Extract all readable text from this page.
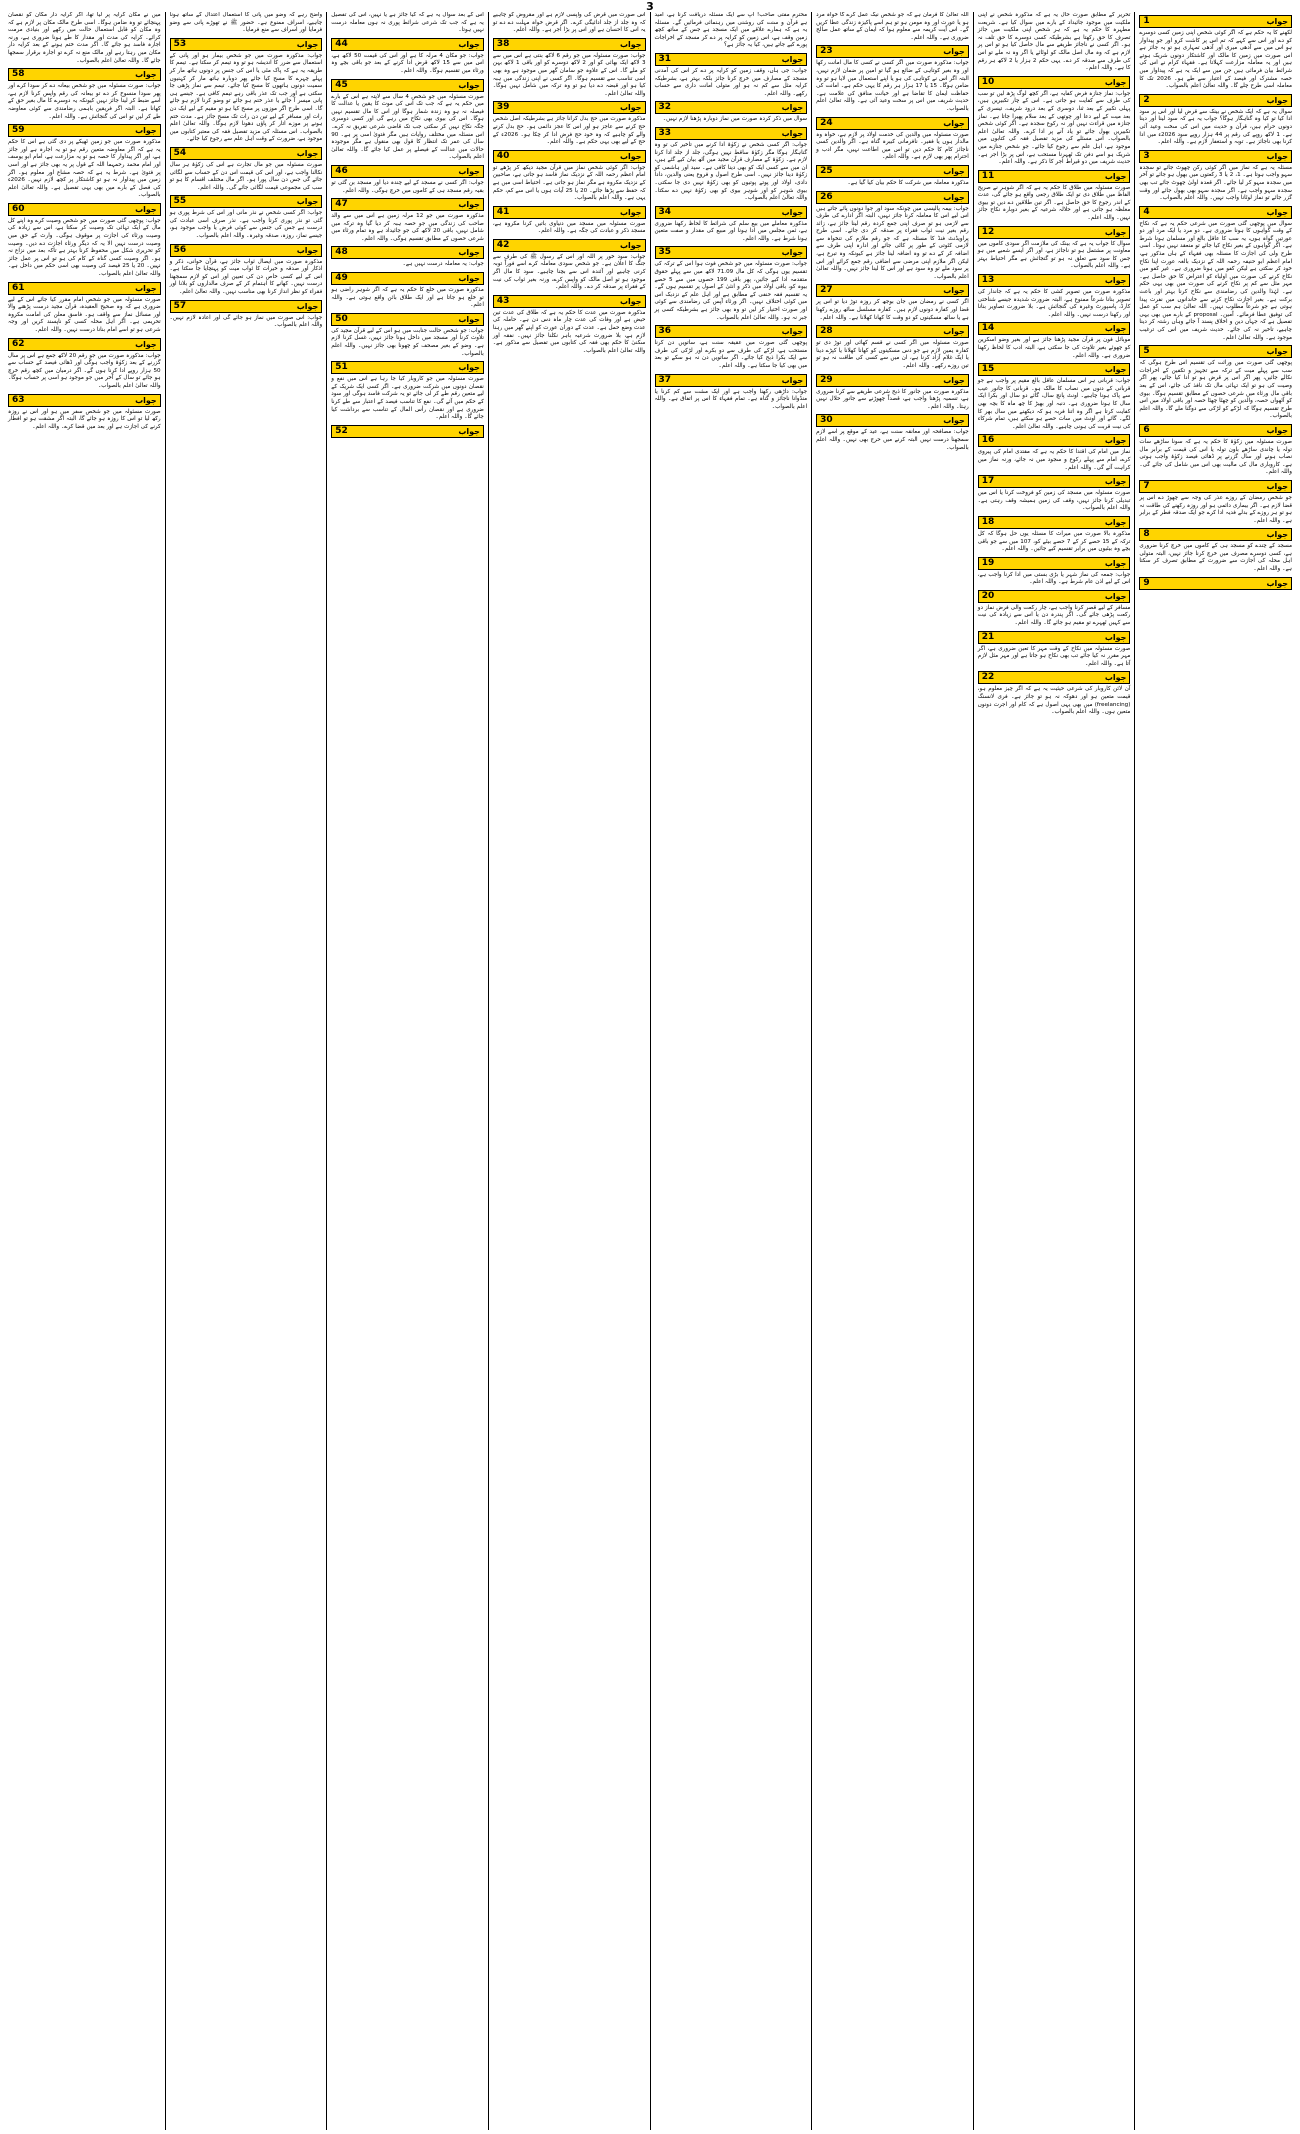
3
1	جواب
لکھنے کا یہ حکم ہے کہ اگر کوئی شخص اپنی زمین کسی دوسرے کو دے اور اس سے کہے کہ تم اس پر کاشت کرو اور جو پیداوار ہو اس میں سے آدھی میری اور آدھی تمہاری ہو تو یہ جائز ہے اس صورت میں زمین کا مالک اور کاشتکار دونوں شریک ہوتے ہیں اور یہ معاملہ مزارعت کہلاتا ہے۔ فقہاء کرام نے اس کی شرائط بیان فرمائی ہیں جن میں سے ایک یہ ہے کہ پیداوار میں حصہ مشترک اور فیصد کے اعتبار سے طے ہو۔ 2026 تک کا معاملہ اسی طرح چلے گا۔ واللہ تعالیٰ اعلم بالصواب۔
2	جواب
سوال یہ ہے کہ ایک شخص نے بینک سے قرض لیا اور اس پر سود ادا کیا تو کیا وہ گناہگار ہوگا؟ جواب یہ ہے کہ سود لینا اور دینا دونوں حرام ہیں، قرآن و حدیث میں اس کی سخت وعید آئی ہے۔ 1 لاکھ روپے کی رقم پر 44 ہزار روپے سود 2026ء میں ادا کرنا بھی ناجائز ہے۔ توبہ و استغفار لازم ہے۔ واللہ اعلم۔
3	جواب
مسئلہ یہ ہے کہ نماز میں اگر کوئی رکن چھوٹ جائے تو سجدہ سہو واجب ہوتا ہے۔ 1، 2 یا 3 رکعتوں میں بھول ہو جائے تو آخر میں سجدہ سہو کر لیا جائے۔ اگر قعدہ اولیٰ چھوٹ جائے تب بھی سجدہ سہو واجب ہے۔ اگر سجدہ سہو بھی بھول جائے اور وقت گزر جائے تو نماز لوٹانا واجب نہیں۔ واللہ اعلم بالصواب۔
4	جواب
سوال میں پوچھی گئی صورت میں شرعی حکم یہ ہے کہ نکاح کے وقت گواہوں کا ہونا ضروری ہے۔ دو مرد یا ایک مرد اور دو عورتیں گواہ ہوں، یہ سب کا عاقل بالغ اور مسلمان ہونا شرط ہے۔ اگر گواہوں کے بغیر نکاح کیا جائے تو منعقد نہیں ہوتا۔ اسی طرح ولی کی اجازت کا مسئلہ بھی فقہاء کے ہاں مذکور ہے، امام اعظم ابو حنیفہ رحمہ اللہ کے نزدیک بالغہ عورت اپنا نکاح خود کر سکتی ہے لیکن کفو میں ہونا ضروری ہے۔ غیر کفو میں نکاح کرنے کی صورت میں اولیاء کو اعتراض کا حق حاصل ہے۔ مہر مثل سے کم پر نکاح کرنے کی صورت میں بھی یہی حکم ہے۔ لہٰذا والدین کی رضامندی سے نکاح کرنا بہتر اور باعث برکت ہے۔ بغیر اجازت نکاح کرنے سے خاندانوں میں نفرت پیدا ہوتی ہے جو شرعاً مطلوب نہیں۔ اللہ تعالیٰ ہم سب کو عمل کی توفیق عطا فرمائے۔ آمین۔ proposal کے بارے میں بھی یہی تفصیل ہے کہ جہاں دین و اخلاق پسند آ جائے وہاں رشتہ کر دینا چاہیے، تاخیر نہ کی جائے۔ حدیث شریف میں اس کی ترغیب موجود ہے۔ واللہ تعالیٰ اعلم۔
5	جواب
پوچھی گئی صورت میں وراثت کی تقسیم اس طرح ہوگی کہ سب سے پہلے میت کے ترکہ سے تجہیز و تکفین کے اخراجات نکالے جائیں، پھر اگر اس پر قرض ہو تو ادا کیا جائے، پھر اگر وصیت کی ہو تو ایک تہائی مال تک نافذ کی جائے، اس کے بعد باقی مال ورثاء میں شرعی حصوں کے مطابق تقسیم ہوگا۔ بیوی کو آٹھواں حصہ، والدین کو چھٹا چھٹا حصہ اور باقی اولاد میں اس طرح تقسیم ہوگا کہ لڑکے کو لڑکی سے دوگنا ملے گا۔ واللہ اعلم بالصواب۔
6	جواب
صورت مسئولہ میں زکوٰۃ کا حکم یہ ہے کہ سونا ساڑھے سات تولہ یا چاندی ساڑھے باون تولہ یا اس کی قیمت کے برابر مال نصاب ہونے اور سال گزرنے پر ڈھائی فیصد زکوٰۃ واجب ہوتی ہے۔ کاروباری مال کی مالیت بھی اس میں شامل کی جائے گی۔ واللہ اعلم۔
7	جواب
جو شخص رمضان کے روزے عذر کی وجہ سے چھوڑ دے اس پر قضا لازم ہے۔ اگر بیماری دائمی ہو اور روزہ رکھنے کی طاقت نہ ہو تو ہر روزے کے بدلے فدیہ ادا کرے جو ایک صدقہ فطر کے برابر ہے۔ واللہ اعلم۔
8	جواب
مسجد کے چندے کو مسجد ہی کے کاموں میں خرچ کرنا ضروری ہے، کسی دوسرے مصرف میں خرچ کرنا جائز نہیں، البتہ متولی اہل محلہ کی اجازت سے ضرورت کے مطابق تصرف کر سکتا ہے۔ واللہ اعلم۔
9	جواب
تحریر کے مطابق صورت حال یہ ہے کہ مذکورہ شخص نے اپنی ملکیت میں موجود جائیداد کے بارے میں سوال کیا ہے۔ شریعت مطہرہ کا حکم یہ ہے کہ ہر شخص اپنی ملکیت میں جائز تصرف کا حق رکھتا ہے بشرطیکہ کسی دوسرے کا حق تلف نہ ہو۔ اگر کسی نے ناجائز طریقے سے مال حاصل کیا ہو تو اس پر لازم ہے کہ وہ مال اصل مالک کو لوٹائے یا اگر وہ نہ ملے تو اس کی طرف سے صدقہ کر دے۔ یہی حکم 2 ہزار یا 2 لاکھ ہر رقم کا ہے۔ واللہ اعلم۔
10	جواب
جواب: نماز جنازہ فرض کفایہ ہے، اگر کچھ لوگ پڑھ لیں تو سب کی طرف سے کفایت ہو جاتی ہے۔ اس کے چار تکبیریں ہیں، پہلی تکبیر کے بعد ثنا، دوسری کے بعد درود شریف، تیسری کے بعد میت کے لیے دعا اور چوتھی کے بعد سلام پھیرا جاتا ہے۔ نماز جنازہ میں قراءت نہیں اور نہ رکوع سجدہ ہے۔ اگر کوئی شخص تکبیریں بھول جائے تو یاد آنے پر ادا کرے۔ واللہ تعالیٰ اعلم بالصواب۔ اس مسئلے کی مزید تفصیل فقہ کی کتابوں میں موجود ہے، اہل علم سے رجوع کیا جائے۔ جو شخص جنازے میں شریک ہو اسے دفن تک ٹھہرنا مستحب ہے، اس پر بڑا اجر ہے۔ حدیث شریف میں دو قیراط اجر کا ذکر ہے۔ واللہ اعلم۔
11	جواب
صورت مسئولہ میں طلاق کا حکم یہ ہے کہ اگر شوہر نے صریح الفاظ میں طلاق دی تو ایک طلاق رجعی واقع ہو جائے گی، عدت کے اندر رجوع کا حق حاصل ہے۔ اگر تین طلاقیں دے دیں تو بیوی مغلظہ ہو جاتی ہے اور حلالہ شرعیہ کے بغیر دوبارہ نکاح جائز نہیں۔ واللہ اعلم۔
12	جواب
سوال کا جواب یہ ہے کہ بینک کی ملازمت اگر سودی کاموں میں معاونت پر مشتمل ہو تو ناجائز ہے، اور اگر ایسے شعبے میں ہو جس کا سود سے تعلق نہ ہو تو گنجائش ہے مگر احتیاط بہتر ہے۔ واللہ اعلم بالصواب۔
13	جواب
مذکورہ صورت میں تصویر کشی کا حکم یہ ہے کہ جاندار کی تصویر بنانا شرعاً ممنوع ہے، البتہ ضرورت شدیدہ جیسے شناختی کارڈ، پاسپورٹ وغیرہ کی گنجائش ہے۔ بلا ضرورت تصاویر بنانا اور رکھنا درست نہیں۔ واللہ اعلم۔
14	جواب
موبائل فون پر قرآن مجید پڑھنا جائز ہے اور بغیر وضو اسکرین کو چھوئے بغیر تلاوت کی جا سکتی ہے، البتہ ادب کا لحاظ رکھنا ضروری ہے۔ واللہ اعلم۔
15	جواب
جواب: قربانی ہر اس مسلمان عاقل بالغ مقیم پر واجب ہے جو قربانی کے دنوں میں نصاب کا مالک ہو۔ قربانی کا جانور عیب سے پاک ہونا چاہیے۔ اونٹ پانچ سال، گائے دو سال اور بکرا ایک سال کا ہونا ضروری ہے۔ دنبہ اور بھیڑ کا چھ ماہ کا بچہ بھی کفایت کرتا ہے اگر وہ اتنا فربہ ہو کہ دیکھنے میں سال بھر کا لگے۔ گائے اور اونٹ میں سات حصے ہو سکتے ہیں، تمام شرکاء کی نیت قربت کی ہونی چاہیے۔ واللہ تعالیٰ اعلم۔
16	جواب
نماز میں امام کی اقتدا کا حکم یہ ہے کہ مقتدی امام کی پیروی کرے، امام سے پہلے رکوع و سجود میں نہ جائے، ورنہ نماز میں کراہت آئے گی۔ واللہ اعلم۔
17	جواب
صورت مسئولہ میں مسجد کی زمین کو فروخت کرنا یا اس میں تبدیلی کرنا جائز نہیں، وقف کی زمین ہمیشہ وقف رہتی ہے۔ واللہ اعلم بالصواب۔
18	جواب
مذکورہ بالا صورت میں میراث کا مسئلہ یوں حل ہوگا کہ کل ترکہ کے 15 حصے کر کے 7 حصے بیٹے کو، 107 میں سے جو باقی بچے وہ بیٹیوں میں برابر تقسیم کیے جائیں۔ واللہ اعلم۔
19	جواب
جواب: جمعہ کی نماز شہر یا بڑی بستی میں ادا کرنا واجب ہے، اس کے لیے اذن عام شرط ہے۔ واللہ اعلم۔
20	جواب
مسافر کے لیے قصر کرنا واجب ہے، چار رکعت والی فرض نماز دو رکعت پڑھی جائے گی۔ اگر پندرہ دن یا اس سے زیادہ کی نیت سے کہیں ٹھہرے تو مقیم ہو جائے گا۔ واللہ اعلم۔
21	جواب
صورت مسئولہ میں نکاح کے وقت مہر کا تعین ضروری ہے، اگر مہر مقرر نہ کیا جائے تب بھی نکاح ہو جاتا ہے اور مہر مثل لازم آتا ہے۔ واللہ اعلم۔
22	جواب
آن لائن کاروبار کی شرعی حیثیت یہ ہے کہ اگر چیز معلوم ہو، قیمت متعین ہو اور دھوکہ نہ ہو تو جائز ہے۔ فری لانسنگ (freelancing) میں بھی یہی اصول ہے کہ کام اور اجرت دونوں متعین ہوں۔ واللہ اعلم بالصواب۔
اللہ تعالیٰ کا فرمان ہے کہ جو شخص نیک عمل کرے گا خواہ مرد ہو یا عورت اور وہ مومن ہو تو ہم اسے پاکیزہ زندگی عطا کریں گے۔ اس آیت کریمہ سے معلوم ہوا کہ ایمان کے ساتھ عمل صالح ضروری ہے۔ واللہ اعلم۔
23	جواب
جواب: مذکورہ صورت میں اگر کسی نے کسی کا مال امانت رکھا اور وہ بغیر کوتاہی کے ضائع ہو گیا تو امین پر ضمان لازم نہیں، البتہ اگر اس نے کوتاہی کی ہو یا اپنے استعمال میں لایا ہو تو وہ ضامن ہوگا۔ 15 یا 17 ہزار ہر رقم کا یہی حکم ہے۔ امانت کی حفاظت ایمان کا تقاضا ہے اور خیانت منافق کی علامت ہے۔ حدیث شریف میں اس پر سخت وعید آئی ہے۔ واللہ تعالیٰ اعلم بالصواب۔
24	جواب
صورت مسئولہ میں والدین کی خدمت اولاد پر لازم ہے، خواہ وہ مالدار ہوں یا فقیر۔ نافرمانی کبیرہ گناہ ہے۔ اگر والدین کسی ناجائز کام کا حکم دیں تو اس میں اطاعت نہیں، مگر ادب و احترام پھر بھی لازم ہے۔ واللہ اعلم۔
25	جواب
مذکورہ معاملہ میں شرکت کا حکم بیان کیا گیا ہے۔
26	جواب
جواب: بیمہ پالیسی میں چونکہ سود اور جوا دونوں پائے جاتے ہیں اس لیے اس کا معاملہ کرنا جائز نہیں، البتہ اگر ادارے کی طرف سے لازمی ہو تو صرف اپنی جمع کردہ رقم لینا جائز ہے، زائد رقم بغیر نیت ثواب فقراء پر صدقہ کر دی جائے۔ اسی طرح پراویڈنٹ فنڈ کا مسئلہ ہے کہ جو رقم ملازم کی تنخواہ سے لازمی کٹوتی کے طور پر کاٹی جائے اور ادارہ اپنی طرف سے اضافہ کر کے دے تو وہ اضافہ لینا جائز ہے کیونکہ وہ تبرع ہے، لیکن اگر ملازم اپنی مرضی سے اضافی رقم جمع کرائے اور اس پر سود ملے تو وہ سود ہے اور اس کا لینا جائز نہیں۔ واللہ تعالیٰ اعلم بالصواب۔
27	جواب
اگر کسی نے رمضان میں جان بوجھ کر روزہ توڑ دیا تو اس پر قضا اور کفارہ دونوں لازم ہیں۔ کفارہ مسلسل ساٹھ روزے رکھنا ہے یا ساٹھ مسکینوں کو دو وقت کا کھانا کھلانا ہے۔ واللہ اعلم۔
28	جواب
صورت مسئولہ میں اگر کسی نے قسم کھائی اور توڑ دی تو کفارہ یمین لازم ہے جو دس مسکینوں کو کھانا کھلانا یا کپڑے دینا یا ایک غلام آزاد کرنا ہے، ان میں سے کسی کی طاقت نہ ہو تو تین روزے رکھے۔ واللہ اعلم۔
29	جواب
مذکورہ صورت میں جانور کا ذبح شرعی طریقے سے کرنا ضروری ہے، تسمیہ پڑھنا واجب ہے، قصداً چھوڑنے سے جانور حلال نہیں رہتا۔ واللہ اعلم۔
30	جواب
جواب: مصافحہ اور معانقہ سنت ہے، عید کے موقع پر اسے لازم سمجھنا درست نہیں البتہ کرنے میں حرج بھی نہیں۔ واللہ اعلم بالصواب۔
محترم مفتی صاحب! آپ سے ایک مسئلہ دریافت کرنا ہے، امید ہے قرآن و سنت کی روشنی میں رہنمائی فرمائیں گے۔ مسئلہ یہ ہے کہ ہمارے علاقے میں ایک مسجد ہے جس کے ساتھ کچھ زمین وقف ہے، اس زمین کو کرایہ پر دے کر مسجد کے اخراجات پورے کیے جاتے ہیں، کیا یہ جائز ہے؟
31	جواب
جواب: جی ہاں، وقف زمین کو کرایہ پر دے کر اس کی آمدنی مسجد کے مصارف میں خرچ کرنا جائز بلکہ بہتر ہے، بشرطیکہ کرایہ مثل سے کم نہ ہو اور متولی امانت داری سے حساب رکھے۔ واللہ اعلم۔
32	جواب
سوال میں ذکر کردہ صورت میں نماز دوبارہ پڑھنا لازم نہیں۔
33	جواب
جواب: اگر کسی شخص نے زکوٰۃ ادا کرنے میں تاخیر کی تو وہ گناہگار ہوگا مگر زکوٰۃ ساقط نہیں ہوگی، جلد از جلد ادا کرنا لازم ہے۔ زکوٰۃ کے مصارف قرآن مجید میں آٹھ بیان کیے گئے ہیں، ان میں سے کسی ایک کو بھی دینا کافی ہے۔ سید اور ہاشمی کو زکوٰۃ دینا جائز نہیں۔ اسی طرح اصول و فروع یعنی والدین، دادا دادی، اولاد اور پوتے پوتیوں کو بھی زکوٰۃ نہیں دی جا سکتی۔ بیوی شوہر کو اور شوہر بیوی کو بھی زکوٰۃ نہیں دے سکتا۔ واللہ تعالیٰ اعلم بالصواب۔
34	جواب
مذکورہ معاملے میں بیع سلم کی شرائط کا لحاظ رکھنا ضروری ہے، ثمن مجلس میں ادا ہونا اور مبیع کی مقدار و صفت متعین ہونا شرط ہے۔ واللہ اعلم۔
35	جواب
جواب: صورت مسئولہ میں جو شخص فوت ہوا اس کے ترکہ کی تقسیم یوں ہوگی کہ کل مال 71.09 لاکھ میں سے پہلے حقوق متقدمہ ادا کیے جائیں، پھر باقی 199 حصوں میں سے 5 حصے بیوہ کو، باقی اولاد میں ذکر و انثیٰ کے اصول پر تقسیم ہوں گے۔ یہ تقسیم فقہ حنفی کے مطابق ہے اور اہل علم کے نزدیک اس میں کوئی اختلاف نہیں۔ اگر ورثاء آپس کی رضامندی سے کوئی اور صورت اختیار کر لیں تو وہ بھی جائز ہے بشرطیکہ کسی پر جبر نہ ہو۔ واللہ تعالیٰ اعلم بالصواب۔
36	جواب
پوچھی گئی صورت میں عقیقہ سنت ہے، ساتویں دن کرنا مستحب ہے، لڑکے کی طرف سے دو بکرے اور لڑکی کی طرف سے ایک بکرا ذبح کیا جائے۔ اگر ساتویں دن نہ ہو سکے تو بعد میں بھی کیا جا سکتا ہے۔ واللہ اعلم۔
37	جواب
جواب: داڑھی رکھنا واجب ہے اور ایک مشت سے کم کرنا یا منڈوانا ناجائز و گناہ ہے۔ تمام فقہاء کا اس پر اتفاق ہے۔ واللہ اعلم بالصواب۔
اس صورت میں قرض کی واپسی لازم ہے اور مقروض کو چاہیے کہ وہ جلد از جلد ادائیگی کرے۔ اگر قرض خواہ مہلت دے دے تو یہ اس کا احسان ہے اور اس پر بڑا اجر ہے۔ واللہ اعلم۔
38	جواب
جواب: صورت مسئولہ میں جو رقم 6 لاکھ بنتی ہے اس میں سے 3 لاکھ ایک بھائی کو اور 2 لاکھ دوسرے کو اور باقی 1 لاکھ بہن کو ملے گا۔ اس کے علاوہ جو سامان گھر میں موجود ہے وہ بھی اسی تناسب سے تقسیم ہوگا۔ اگر کسی نے اپنی زندگی میں ہبہ کیا ہو اور قبضہ دے دیا ہو تو وہ ترکہ میں شامل نہیں ہوگا۔ واللہ تعالیٰ اعلم۔
39	جواب
مذکورہ صورت میں حج بدل کرانا جائز ہے بشرطیکہ اصل شخص حج کرنے سے عاجز ہو اور اس کا عجز دائمی ہو۔ حج بدل کرنے والے کو چاہیے کہ وہ خود حج فرض ادا کر چکا ہو۔ 2026ء کے حج کے لیے بھی یہی حکم ہے۔ واللہ اعلم۔
40	جواب
جواب: اگر کوئی شخص نماز میں قرآن مجید دیکھ کر پڑھے تو امام اعظم رحمہ اللہ کے نزدیک نماز فاسد ہو جاتی ہے، صاحبین کے نزدیک مکروہ ہے مگر نماز ہو جاتی ہے۔ احتیاط اسی میں ہے کہ حفظ سے پڑھا جائے۔ 20 یا 25 آیات ہوں یا اس سے کم، حکم یہی ہے۔ واللہ اعلم بالصواب۔
41	جواب
صورت مسئولہ میں مسجد میں دنیاوی باتیں کرنا مکروہ ہے، مسجد ذکر و عبادت کی جگہ ہے۔ واللہ اعلم۔
42	جواب
جواب: سود خور پر اللہ اور اس کے رسول ﷺ کی طرف سے جنگ کا اعلان ہے۔ جو شخص سودی معاملہ کرے اسے فوراً توبہ کرنی چاہیے اور آئندہ اس سے بچنا چاہیے۔ سود کا مال اگر موجود ہو تو اصل مالک کو واپس کرے، ورنہ بغیر ثواب کی نیت کے فقراء پر صدقہ کر دے۔ واللہ اعلم۔
43	جواب
مذکورہ صورت میں عدت کا حکم یہ ہے کہ طلاق کی عدت تین حیض ہے اور وفات کی عدت چار ماہ دس دن ہے۔ حاملہ کی عدت وضع حمل ہے۔ عدت کے دوران عورت کو اپنے گھر میں رہنا لازم ہے، بلا ضرورت شرعیہ باہر نکلنا جائز نہیں۔ نفقہ اور سکنیٰ کا حکم بھی فقہ کی کتابوں میں تفصیل سے مذکور ہے۔ واللہ تعالیٰ اعلم بالصواب۔
اس کے بعد سوال یہ ہے کہ کیا جائز ہے یا نہیں، اس کی تفصیل یہ ہے کہ جب تک شرعی شرائط پوری نہ ہوں معاملہ درست نہیں ہوتا۔
44	جواب
جواب: جو مکان 4 مرلہ کا ہے اور اس کی قیمت 50 لاکھ ہے، اس میں سے 15 لاکھ قرض ادا کرنے کے بعد جو باقی بچے وہ ورثاء میں تقسیم ہوگا۔ واللہ اعلم۔
45	جواب
صورت مسئولہ میں جو شخص 4 سال سے لاپتہ ہے اس کے بارے میں حکم یہ ہے کہ جب تک اس کی موت کا یقین یا عدالت کا فیصلہ نہ ہو وہ زندہ شمار ہوگا اور اس کا مال تقسیم نہیں ہوگا۔ اس کی بیوی بھی نکاح میں رہے گی اور کسی دوسری جگہ نکاح نہیں کر سکتی جب تک قاضی شرعی تفریق نہ کرے۔ اس مسئلہ میں مختلف روایات ہیں مگر فتویٰ اسی پر ہے۔ 90 سال کی عمر تک انتظار کا قول بھی منقول ہے مگر موجودہ حالات میں عدالت کے فیصلے پر عمل کیا جائے گا۔ واللہ تعالیٰ اعلم بالصواب۔
46	جواب
جواب: اگر کسی نے مسجد کے لیے چندہ دیا اور مسجد بن گئی تو بقیہ رقم مسجد ہی کے کاموں میں خرچ ہوگی۔ واللہ اعلم۔
47	جواب
مذکورہ صورت میں جو 12 مرلہ زمین ہے اس میں سے والد صاحب کی زندگی میں جو حصہ ہبہ کر دیا گیا وہ ترکہ میں شامل نہیں، باقی 20 لاکھ کی جو جائیداد ہے وہ تمام ورثاء میں شرعی حصوں کے مطابق تقسیم ہوگی۔ واللہ اعلم۔
48	جواب
جواب: یہ معاملہ درست نہیں ہے۔
49	جواب
مذکورہ صورت میں خلع کا حکم یہ ہے کہ اگر شوہر راضی ہو تو خلع ہو جاتا ہے اور ایک طلاق بائن واقع ہوتی ہے۔ واللہ اعلم۔
50	جواب
جواب: جو شخص حالت جنابت میں ہو اس کے لیے قرآن مجید کی تلاوت کرنا اور مسجد میں داخل ہونا جائز نہیں، غسل کرنا لازم ہے۔ وضو کے بغیر مصحف کو چھونا بھی جائز نہیں۔ واللہ اعلم بالصواب۔
51	جواب
صورت مسئولہ میں جو کاروبار کیا جا رہا ہے اس میں نفع و نقصان دونوں میں شرکت ضروری ہے۔ اگر کسی ایک شریک کے لیے متعین رقم طے کر لی جائے تو یہ شرکت فاسد ہوگی اور سود کے حکم میں آئے گی۔ نفع کا تناسب فیصد کے اعتبار سے طے کرنا ضروری ہے اور نقصان رأس المال کے تناسب سے برداشت کیا جائے گا۔ واللہ اعلم۔
52	جواب
واضح رہے کہ وضو میں پانی کا استعمال اعتدال کے ساتھ ہونا چاہیے، اسراف ممنوع ہے۔ حضور ﷺ نے تھوڑے پانی سے وضو فرمایا اور اسراف سے منع فرمایا۔
53	جواب
جواب: مذکورہ صورت میں جو شخص بیمار ہو اور پانی کے استعمال سے ضرر کا اندیشہ ہو تو وہ تیمم کر سکتا ہے۔ تیمم کا طریقہ یہ ہے کہ پاک مٹی یا اس کی جنس پر دونوں ہاتھ مار کر پہلے چہرے کا مسح کیا جائے پھر دوبارہ ہاتھ مار کر کہنیوں سمیت دونوں ہاتھوں کا مسح کیا جائے۔ تیمم سے نماز پڑھی جا سکتی ہے اور جب تک عذر باقی رہے تیمم کافی ہے۔ جیسے ہی پانی میسر آ جائے یا عذر ختم ہو جائے تو وضو کرنا لازم ہو جائے گا۔ اسی طرح اگر موزوں پر مسح کیا ہو تو مقیم کے لیے ایک دن رات اور مسافر کے لیے تین دن رات تک مسح جائز ہے۔ مدت ختم ہونے پر موزے اتار کر پاؤں دھونا لازم ہوگا۔ واللہ تعالیٰ اعلم بالصواب۔ اس مسئلہ کی مزید تفصیل فقہ کی معتبر کتابوں میں موجود ہے، ضرورت کے وقت اہل علم سے رجوع کیا جائے۔
54	جواب
صورت مسئولہ میں جو مال تجارت ہے اس کی زکوٰۃ ہر سال نکالنا واجب ہے، اور اس کی قیمت اس دن کے حساب سے لگائی جائے گی جس دن سال پورا ہو۔ اگر مال مختلف اقسام کا ہو تو سب کی مجموعی قیمت لگائی جائے گی۔ واللہ اعلم۔
55	جواب
جواب: اگر کسی شخص نے نذر مانی اور اس کی شرط پوری ہو گئی تو نذر پوری کرنا واجب ہے۔ نذر صرف اسی عبادت کی درست ہے جس کی جنس سے کوئی فرض یا واجب موجود ہو، جیسے نماز، روزہ، صدقہ وغیرہ۔ واللہ اعلم بالصواب۔
56	جواب
مذکورہ صورت میں ایصال ثواب جائز ہے، قرآن خوانی، ذکر و اذکار اور صدقہ و خیرات کا ثواب میت کو پہنچایا جا سکتا ہے۔ اس کے لیے کسی خاص دن کی تعیین اور اس کو لازم سمجھنا درست نہیں۔ کھانے کا اہتمام کر کے صرف مالداروں کو بلانا اور فقراء کو نظر انداز کرنا بھی مناسب نہیں۔ واللہ تعالیٰ اعلم۔
57	جواب
جواب: اس صورت میں نماز ہو جائے گی اور اعادہ لازم نہیں۔ واللہ اعلم بالصواب۔
میں نے مکان کرایہ پر لیا تھا، اگر کرایہ دار مکان کو نقصان پہنچائے تو وہ ضامن ہوگا۔ اسی طرح مالک مکان پر لازم ہے کہ وہ مکان کو قابل استعمال حالت میں رکھے اور بنیادی مرمت کرائے۔ کرایہ کی مدت اور مقدار کا طے ہونا ضروری ہے، ورنہ اجارہ فاسد ہو جائے گا۔ اگر مدت ختم ہونے کے بعد کرایہ دار مکان میں رہتا رہے اور مالک منع نہ کرے تو اجارہ برقرار سمجھا جائے گا۔ واللہ تعالیٰ اعلم بالصواب۔
58	جواب
جواب: صورت مسئولہ میں جو شخص بیعانہ دے کر سودا کرے اور پھر سودا منسوخ کر دے تو بیعانہ کی رقم واپس کرنا لازم ہے، اسے ضبط کر لینا جائز نہیں کیونکہ یہ دوسرے کا مال بغیر حق کے کھانا ہے۔ البتہ اگر فریقین باہمی رضامندی سے کوئی معاوضہ طے کر لیں تو اس کی گنجائش ہے۔ واللہ اعلم۔
59	جواب
مذکورہ صورت میں جو زمین ٹھیکے پر دی گئی ہے اس کا حکم یہ ہے کہ اگر معاوضہ متعین رقم ہو تو یہ اجارہ ہے اور جائز ہے، اور اگر پیداوار کا حصہ ہو تو یہ مزارعت ہے، امام ابو یوسف اور امام محمد رحمہما اللہ کے قول پر یہ بھی جائز ہے اور اسی پر فتویٰ ہے۔ شرط یہ ہے کہ حصہ مشاع اور معلوم ہو۔ اگر زمین میں پیداوار نہ ہو تو کاشتکار پر کچھ لازم نہیں۔ 2026ء کی فصل کے بارے میں بھی یہی تفصیل ہے۔ واللہ تعالیٰ اعلم بالصواب۔
60	جواب
جواب: پوچھی گئی صورت میں جو شخص وصیت کرے وہ اپنے کل مال کے ایک تہائی تک وصیت کر سکتا ہے، اس سے زیادہ کی وصیت ورثاء کی اجازت پر موقوف ہوگی۔ وارث کے حق میں وصیت درست نہیں الا یہ کہ دیگر ورثاء اجازت دے دیں۔ وصیت کو تحریری شکل میں محفوظ کرنا بہتر ہے تاکہ بعد میں نزاع نہ ہو۔ اگر وصیت کسی گناہ کے کام کی ہو تو اس پر عمل جائز نہیں۔ 20 یا 25 فیصد کی وصیت بھی اسی حکم میں داخل ہے۔ واللہ تعالیٰ اعلم بالصواب۔
61	جواب
صورت مسئولہ میں جو شخص امام مقرر کیا جائے اس کے لیے ضروری ہے کہ وہ صحیح العقیدہ، قرآن مجید درست پڑھنے والا اور مسائل نماز سے واقف ہو۔ فاسق معلن کی امامت مکروہ تحریمی ہے۔ اگر اہل محلہ کسی کو ناپسند کریں اور وجہ شرعی ہو تو اسے امام بنانا درست نہیں۔ واللہ اعلم۔
62	جواب
جواب: مذکورہ صورت میں جو رقم 20 لاکھ جمع ہے اس پر سال گزرنے کے بعد زکوٰۃ واجب ہوگی اور ڈھائی فیصد کے حساب سے 50 ہزار روپے ادا کرنا ہوں گے۔ اگر درمیان میں کچھ رقم خرچ ہو جائے تو سال کے آخر میں جو موجود ہو اسی پر حساب ہوگا۔ واللہ تعالیٰ اعلم بالصواب۔
63	جواب
صورت مسئولہ میں جو شخص سفر میں ہو اور اس نے روزہ رکھ لیا تو اس کا روزہ ہو جائے گا، البتہ اگر مشقت ہو تو افطار کرنے کی اجازت ہے اور بعد میں قضا کرے۔ واللہ اعلم۔
